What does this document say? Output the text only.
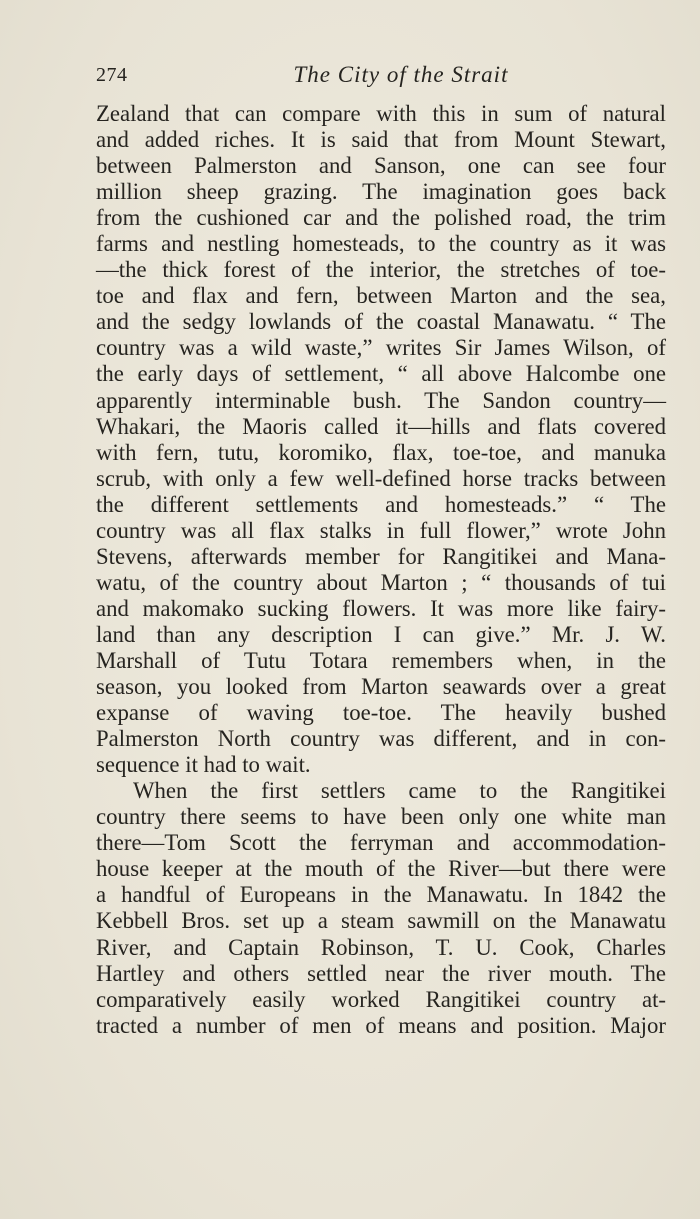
274	The City of the Strait
Zealand that can compare with this in sum of natural
and added riches. It is said that from Mount Stewart,
between Palmerston and Sanson, one can see four
million sheep grazing. The imagination goes back
from the cushioned car and the polished road, the trim
farms and nestling homesteads, to the country as it was
—the thick forest of the interior, the stretches of toe-
toe and flax and fern, between Marton and the sea,
and the sedgy lowlands of the coastal Manawatu. “ The
country was a wild waste,” writes Sir James Wilson, of
the early days of settlement, “ all above Halcombe one
apparently interminable bush. The Sandon country—
Whakari, the Maoris called it—hills and flats covered
with fern, tutu, koromiko, flax, toe-toe, and manuka
scrub, with only a few well-defined horse tracks between
the different settlements and homesteads.” “ The
country was all flax stalks in full flower,” wrote John
Stevens, afterwards member for Rangitikei and Mana-
watu, of the country about Marton ; “ thousands of tui
and makomako sucking flowers. It was more like fairy-
land than any description I can give.” Mr. J. W.
Marshall of Tutu Totara remembers when, in the
season, you looked from Marton seawards over a great
expanse of waving toe-toe. The heavily bushed
Palmerston North country was different, and in con-
sequence it had to wait.
When the first settlers came to the Rangitikei
country there seems to have been only one white man
there—Tom Scott the ferryman and accommodation-
house keeper at the mouth of the River—but there were
a handful of Europeans in the Manawatu. In 1842 the
Kebbell Bros. set up a steam sawmill on the Manawatu
River, and Captain Robinson, T. U. Cook, Charles
Hartley and others settled near the river mouth. The
comparatively easily worked Rangitikei country at-
tracted a number of men of means and position. Major
